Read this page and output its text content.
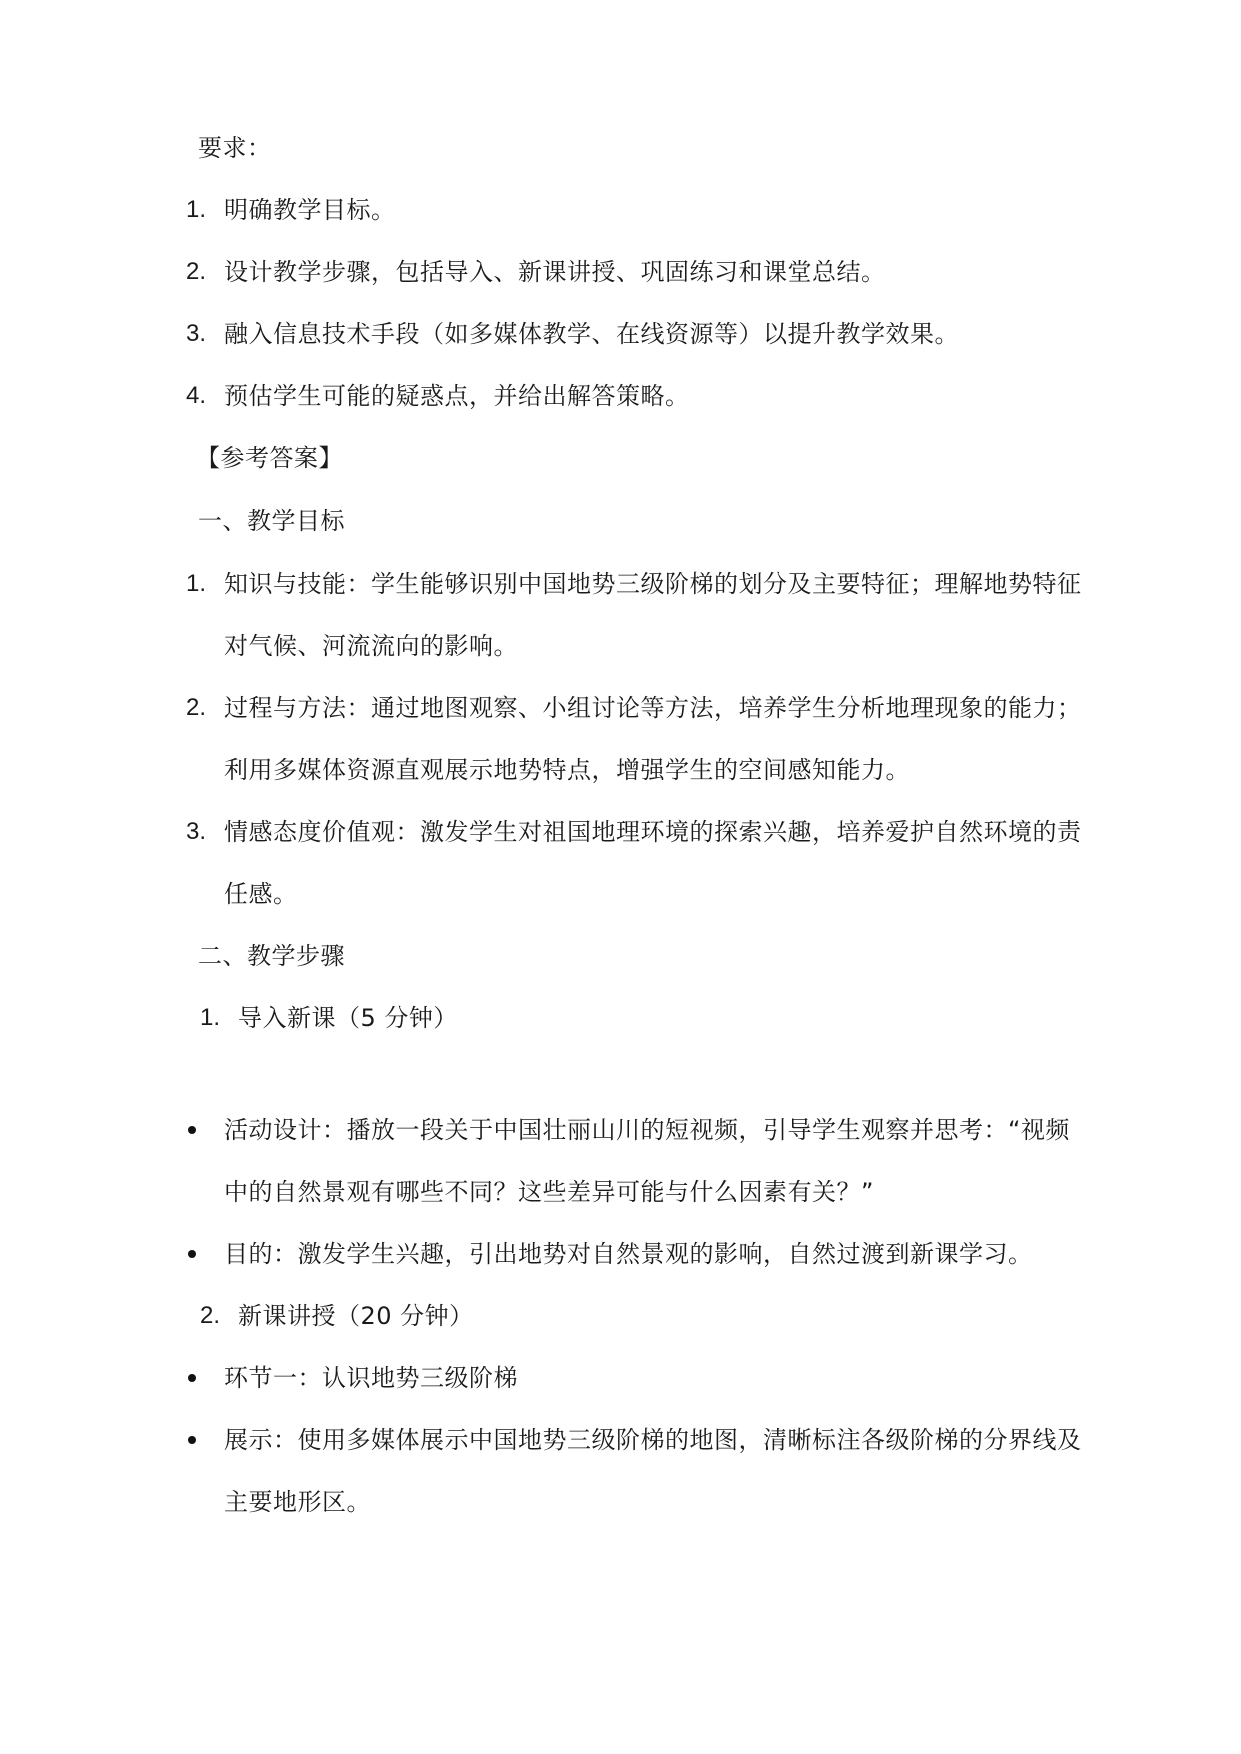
要求：
1. 明确教学目标。
2. 设计教学步骤，包括导入、新课讲授、巩固练习和课堂总结。
3. 融入信息技术手段（如多媒体教学、在线资源等）以提升教学效果。
4. 预估学生可能的疑惑点，并给出解答策略。
【参考答案】
一、教学目标
1. 知识与技能：学生能够识别中国地势三级阶梯的划分及主要特征；理解地势特征
对气候、河流流向的影响。
2. 过程与方法：通过地图观察、小组讨论等方法，培养学生分析地理现象的能力；
利用多媒体资源直观展示地势特点，增强学生的空间感知能力。
3. 情感态度价值观：激发学生对祖国地理环境的探索兴趣，培养爱护自然环境的责
任感。
二、教学步骤
1. 导入新课（5 分钟）
活动设计：播放一段关于中国壮丽山川的短视频，引导学生观察并思考：“视频
中的自然景观有哪些不同？这些差异可能与什么因素有关？”
目的：激发学生兴趣，引出地势对自然景观的影响，自然过渡到新课学习。
2. 新课讲授（20 分钟）
环节一：认识地势三级阶梯
展示：使用多媒体展示中国地势三级阶梯的地图，清晰标注各级阶梯的分界线及
主要地形区。
